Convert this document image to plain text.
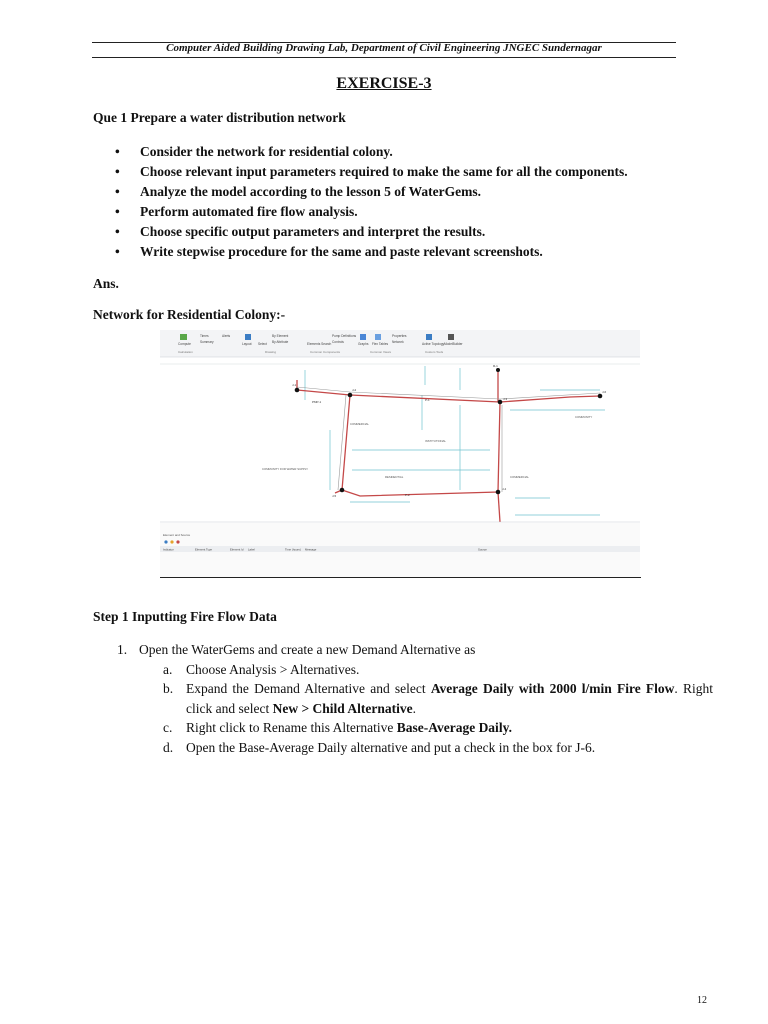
Computer Aided Building Drawing Lab, Department of Civil Engineering JNGEC Sundernagar
EXERCISE-3
Que 1 Prepare a water distribution network
• Consider the network for residential colony.
• Choose relevant input parameters required to make the same for all the components.
• Analyze the model according to the lesson 5 of WaterGems.
• Perform automated fire flow analysis.
• Choose specific output parameters and interpret the results.
• Write stepwise procedure for the same and paste relevant screenshots.
Ans.
Network for Residential Colony:-
Compute
Times	Alerts
Summary	Layout Select
By Element
By Attribute	Elements Search
Pump Definitions
Controls	Graphs Flex Tables
Properties
Network	Active Topology ModelBuilder
Calculation	Drawing	Common Components	Common Views	Custom Tools
J-1
J-2
J-3
J-4
J-5
J-6
R-1
PMP-1	P-1
P-2
COMMERCIAL
INSTITUTIONAL
RESIDENTIAL	COMMERCIAL
COMMUNITY
COMMUNITY FOR WATER SUPPLY
Element and Source
Indicator	Element Type	Element Id Label	Time (hours) Message	Source
Step 1 Inputting Fire Flow Data
1. Open the WaterGems and create a new Demand Alternative as
a. Choose Analysis > Alternatives.
b. Expand the Demand Alternative and select Average Daily with 2000 l/min Fire Flow. Right click and select New > Child Alternative.
c. Right click to Rename this Alternative Base-Average Daily.
d. Open the Base-Average Daily alternative and put a check in the box for J-6.
12
